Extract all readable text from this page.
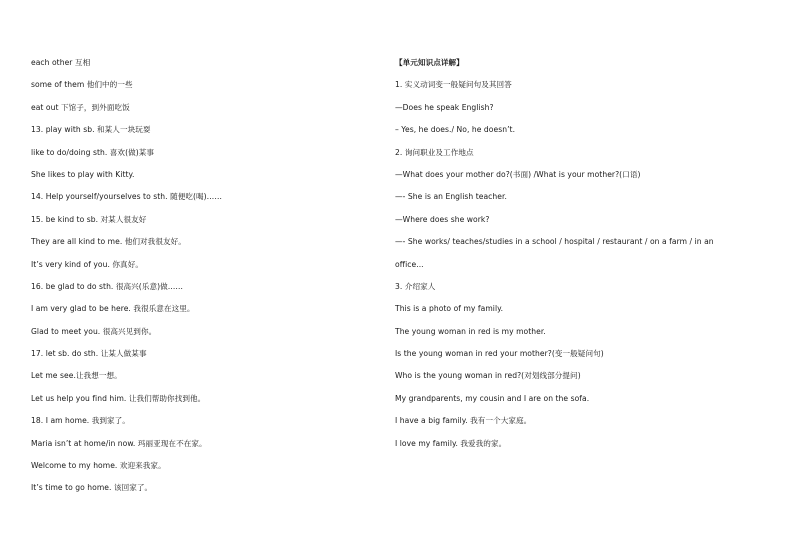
each other 互相
some of them 他们中的一些
eat out 下馆子，到外面吃饭
13. play with sb. 和某人一块玩耍
like to do/doing sth. 喜欢(做)某事
She likes to play with Kitty.
14. Help yourself/yourselves to sth. 随便吃(喝)……
15. be kind to sb. 对某人很友好
They are all kind to me. 他们对我很友好。
It’s very kind of you. 你真好。
16. be glad to do sth. 很高兴(乐意)做……
I am very glad to be here. 我很乐意在这里。
Glad to meet you. 很高兴见到你。
17. let sb. do sth. 让某人做某事
Let me see.让我想一想。
Let us help you find him. 让我们帮助你找到他。
18. I am home. 我到家了。
Maria isn’t at home/in now. 玛丽亚现在不在家。
Welcome to my home. 欢迎来我家。
It’s time to go home. 该回家了。
【单元知识点详解】
1. 实义动词变一般疑问句及其回答
—Does he speak English?
– Yes, he does./ No, he doesn’t.
2. 询问职业及工作地点
—What does your mother do?(书面) /What is your mother?(口语)
—- She is an English teacher.
—Where does she work?
—- She works/ teaches/studies in a school / hospital / restaurant / on a farm / in an
office...
3. 介绍家人
This is a photo of my family.
The young woman in red is my mother.
Is the young woman in red your mother?(变一般疑问句)
Who is the young woman in red?(对划线部分提问)
My grandparents, my cousin and I are on the sofa.
I have a big family. 我有一个大家庭。
I love my family. 我爱我的家。
